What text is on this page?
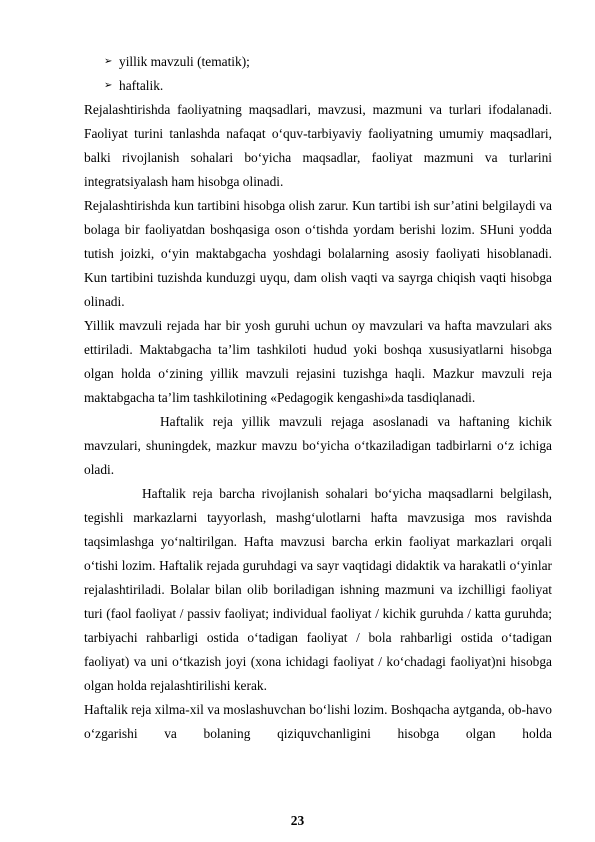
➢ yillik mavzuli (tematik);
➢ haftalik.

Rejalashtirishda faoliyatning maqsadlari, mavzusi, mazmuni va turlari ifodalanadi. Faoliyat turini tanlashda nafaqat o‘quv-tarbiyaviy faoliyatning umumiy maqsadlari, balki rivojlanish sohalari bo‘yicha maqsadlar, faoliyat mazmuni va turlarini integratsiyalash ham hisobga olinadi.

Rejalashtirishda kun tartibini hisobga olish zarur. Kun tartibi ish sur’atini belgilaydi va bolaga bir faoliyatdan boshqasiga oson o‘tishda yordam berishi lozim. SHuni yodda tutish joizki, o‘yin maktabgacha yoshdagi bolalarning asosiy faoliyati hisoblanadi. Kun tartibini tuzishda kunduzgi uyqu, dam olish vaqti va sayrga chiqish vaqti hisobga olinadi.

Yillik mavzuli rejada har bir yosh guruhi uchun oy mavzulari va hafta mavzulari aks ettiriladi. Maktabgacha ta’lim tashkiloti hudud yoki boshqa xususiyatlarni hisobga olgan holda o‘zining yillik mavzuli rejasini tuzishga haqli. Mazkur mavzuli reja maktabgacha ta’lim tashkilotining «Pedagogik kengashi»da tasdiqlanadi.

Haftalik reja yillik mavzuli rejaga asoslanadi va haftaning kichik mavzulari, shuningdek, mazkur mavzu bo‘yicha o‘tkaziladigan tadbirlarni o‘z ichiga oladi.

Haftalik reja barcha rivojlanish sohalari bo‘yicha maqsadlarni belgilash, tegishli markazlarni tayyorlash, mashg‘ulotlarni hafta mavzusiga mos ravishda taqsimlashga yo‘naltirilgan. Hafta mavzusi barcha erkin faoliyat markazlari orqali o‘tishi lozim. Haftalik rejada guruhdagi va sayr vaqtidagi didaktik va harakatli o‘yinlar rejalashtiriladi. Bolalar bilan olib boriladigan ishning mazmuni va izchilligi faoliyat turi (faol faoliyat / passiv faoliyat; individual faoliyat / kichik guruhda / katta guruhda; tarbiyachi rahbarligi ostida o‘tadigan faoliyat / bola rahbarligi ostida o‘tadigan faoliyat) va uni o‘tkazish joyi (xona ichidagi faoliyat / ko‘chadagi faoliyat)ni hisobga olgan holda rejalashtirilishi kerak.

Haftalik reja xilma-xil va moslashuvchan bo‘lishi lozim. Boshqacha aytganda, ob-havo o‘zgarishi va bolaning qiziquvchanligini hisobga olgan holda

23
